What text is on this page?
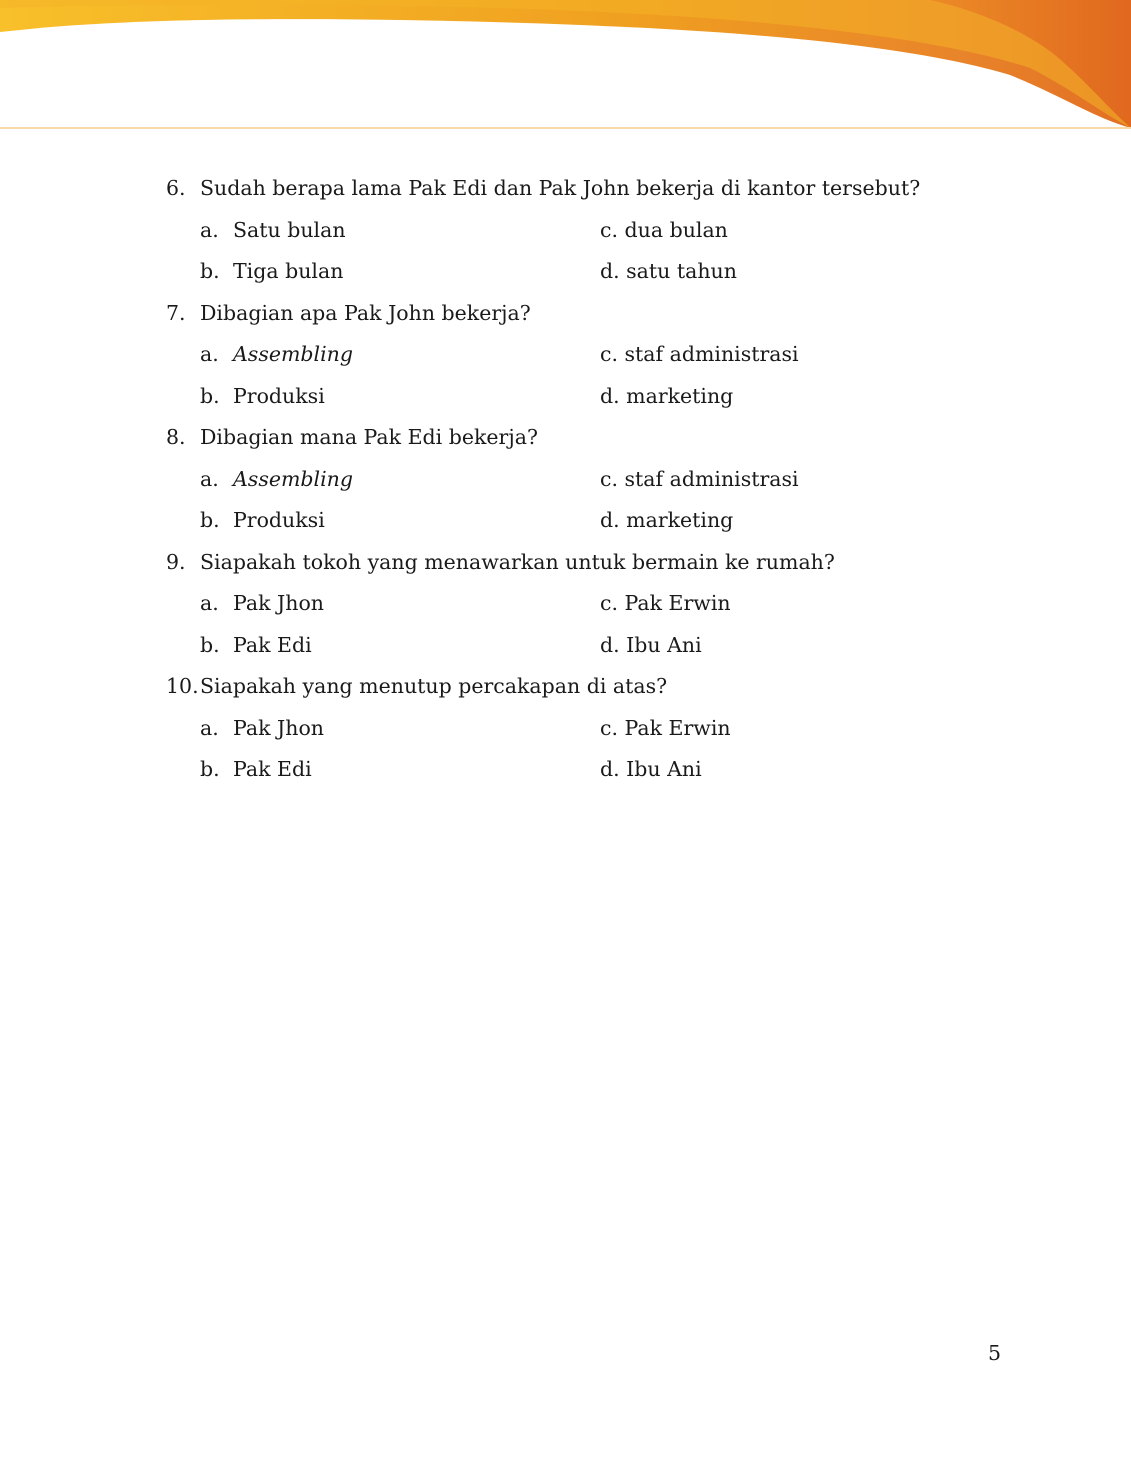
6. Sudah berapa lama Pak Edi dan Pak John bekerja di kantor tersebut?
a. Satu bulan	c. dua bulan
b. Tiga bulan	d. satu tahun
7. Dibagian apa Pak John bekerja?
a. Assembling	c. staf administrasi
b. Produksi	d. marketing
8. Dibagian mana Pak Edi bekerja?
a. Assembling	c. staf administrasi
b. Produksi	d. marketing
9. Siapakah tokoh yang menawarkan untuk bermain ke rumah?
a. Pak Jhon	c. Pak Erwin
b. Pak Edi	d. Ibu Ani
10. Siapakah yang menutup percakapan di atas?
a. Pak Jhon	c. Pak Erwin
b. Pak Edi	d. Ibu Ani
5
